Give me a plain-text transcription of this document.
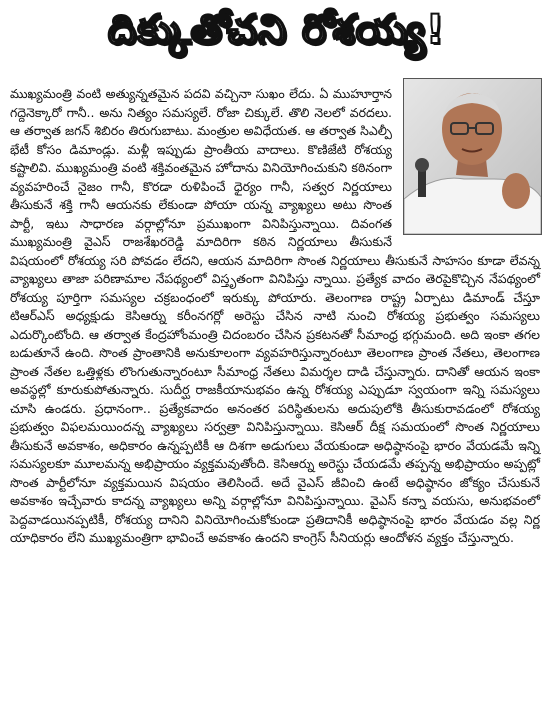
దిక్కుతోచని రోశయ్య!

ముఖ్యమంత్రి వంటి అత్యున్నతమైన పదవి వచ్చినా సుఖం లేదు. ఏ ముహూర్తాన గద్దెనెక్కారో గానీ.. అను నిత్యం సమస్యలే. రోజా చిక్కులే. తొలి నెలలో వరదలు. ఆ తర్వాత జగన్ శిబిరం తిరుగుబాటు. మంత్రుల అవిధేయత. ఆ తర్వాత సిఎల్పీ భేటీ కోసం డిమాండ్లు. మళ్లీ ఇప్పుడు ప్రాంతీయ వాదాలు. కొణిజేటి రోశయ్య కష్టాలివి. ముఖ్యమంత్రి వంటి శక్తివంతమైన హోదాను వినియోగించుకుని కఠినంగా వ్యవహరించే నైజం గానీ, కొరడా రుళిపించే ధైర్యం గానీ, సత్వర నిర్ణయాలు తీసుకునే శక్తి గానీ ఆయనకు లేకుండా పోయా యన్న వ్యాఖ్యలు అటు సొంత పార్టీ, ఇటు సాధారణ వర్గాల్లోనూ ప్రముఖంగా వినిపిస్తున్నాయి. దివంగత ముఖ్యమంత్రి వైఎస్ రాజశేఖరరెడ్డి మాదిరిగా కఠిన నిర్ణయాలు తీసుకునే విషయంలో రోశయ్య సరి పోవడం లేదని, ఆయన మాదిరిగా సొంత నిర్ణయాలు తీసుకునే సాహసం కూడా లేవన్న వ్యాఖ్యలు తాజా పరిణామాల నేపథ్యంలో విస్తృతంగా వినిపిస్తు న్నాయి. ప్రత్యేక వాదం తెరపైకొచ్చిన నేపథ్యంలో రోశయ్య పూర్తిగా సమస్యల చక్రబంధంలో ఇరుక్కు పోయారు. తెలంగాణ రాష్ట్ర ఏర్పాటు డిమాండ్ చేస్తూ టిఆర్ఎస్ అధ్యక్షుడు కెసిఆర్ను కరీంనగర్లో అరెస్టు చేసిన నాటి నుంచి రోశయ్య ప్రభుత్వం సమస్యలు ఎదుర్కొంటోంది. ఆ తర్వాత కేంద్రహోంమంత్రి చిదంబరం చేసిన ప్రకటనతో సీమాంధ్ర భగ్గుమంది. అది ఇంకా తగల బడుతూనే ఉంది. సొంత ప్రాంతానికి అనుకూలంగా వ్యవహరిస్తున్నారంటూ తెలంగాణ ప్రాంత నేతలు, తెలంగాణ ప్రాంత నేతల ఒత్తిళ్లకు లొంగుతున్నారంటూ సీమాంధ్ర నేతలు విమర్శల దాడి చేస్తున్నారు. దానితో ఆయన ఇంకా అవస్థల్లో కూరుకుపోతున్నారు. సుదీర్ఘ రాజకీయానుభవం ఉన్న రోశయ్య ఎప్పుడూ స్వయంగా ఇన్ని సమస్యలు చూసి ఉండరు. ప్రధానంగా.. ప్రత్యేకవాదం అనంతర పరిస్థితులను అదుపులోకి తీసుకురావడంలో రోశయ్య ప్రభుత్వం విఫలమయిందన్న వ్యాఖ్యలు సర్వత్రా వినిపిస్తున్నాయి. కెసిఆర్ దీక్ష సమయంలో సొంత నిర్ణయాలు తీసుకునే అవకాశం, అధికారం ఉన్నప్పటికీ ఆ దిశగా అడుగులు వేయకుండా అధిష్ఠానంపై భారం వేయడమే ఇన్ని సమస్యలకూ మూలమన్న అభిప్రాయం వ్యక్తమవుతోంది. కెసిఆర్ను అరెస్టు చేయడమే తప్పన్న అభిప్రాయం అప్పట్లో సొంత పార్టీలోనూ వ్యక్తమయిన విషయం తెలిసిందే. అదే వైఎస్ జీవించి ఉంటే అధిష్ఠానం జోక్యం చేసుకునే అవకాశం ఇచ్చేవారు కాదన్న వ్యాఖ్యలు అన్ని వర్గాల్లోనూ వినిపిస్తున్నాయి. వైఎస్ కన్నా వయసు, అనుభవంలో పెద్దవాడయినప్పటికీ, రోశయ్య దానిని వినియోగించుకోకుండా ప్రతిదానికీ అధిష్ఠానంపై భారం వేయడం వల్ల నిర్ణ యాధికారం లేని ముఖ్యమంత్రిగా భావించే అవకాశం ఉందని కాంగ్రెస్ సీనియర్లు ఆందోళన వ్యక్తం చేస్తున్నారు.
